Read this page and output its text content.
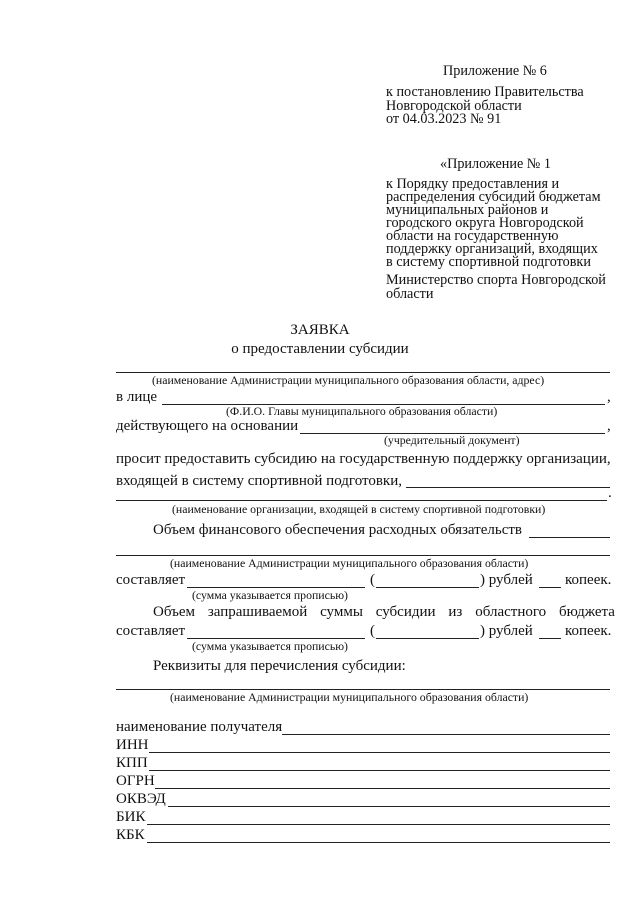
Приложение № 6
к постановлению Правительства
Новгородской области
от 04.03.2023 № 91
«Приложение № 1
к Порядку предоставления и
распределения субсидий бюджетам
муниципальных районов и
городского округа Новгородской
области на государственную
поддержку организаций, входящих
в систему спортивной подготовки
Министерство спорта Новгородской
области
ЗАЯВКА
о предоставлении субсидии
(наименование Администрации муниципального образования области, адрес)
в лице	,
(Ф.И.О. Главы муниципального образования области)
действующего на основании	,
(учредительный документ)
просит предоставить субсидию на государственную поддержку организации,
входящей в систему спортивной подготовки,
.
(наименование организации, входящей в систему спортивной подготовки)
Объем финансового обеспечения расходных обязательств
(наименование Администрации муниципального образования области)
составляет	(	) рублей копеек.
(сумма указывается прописью)
Объем запрашиваемой суммы субсидии из областного бюджета
составляет	(	) рублей копеек.
(сумма указывается прописью)
Реквизиты для перечисления субсидии:
(наименование Администрации муниципального образования области)
наименование получателя
ИНН
КПП
ОГРН
ОКВЭД
БИК
КБК
